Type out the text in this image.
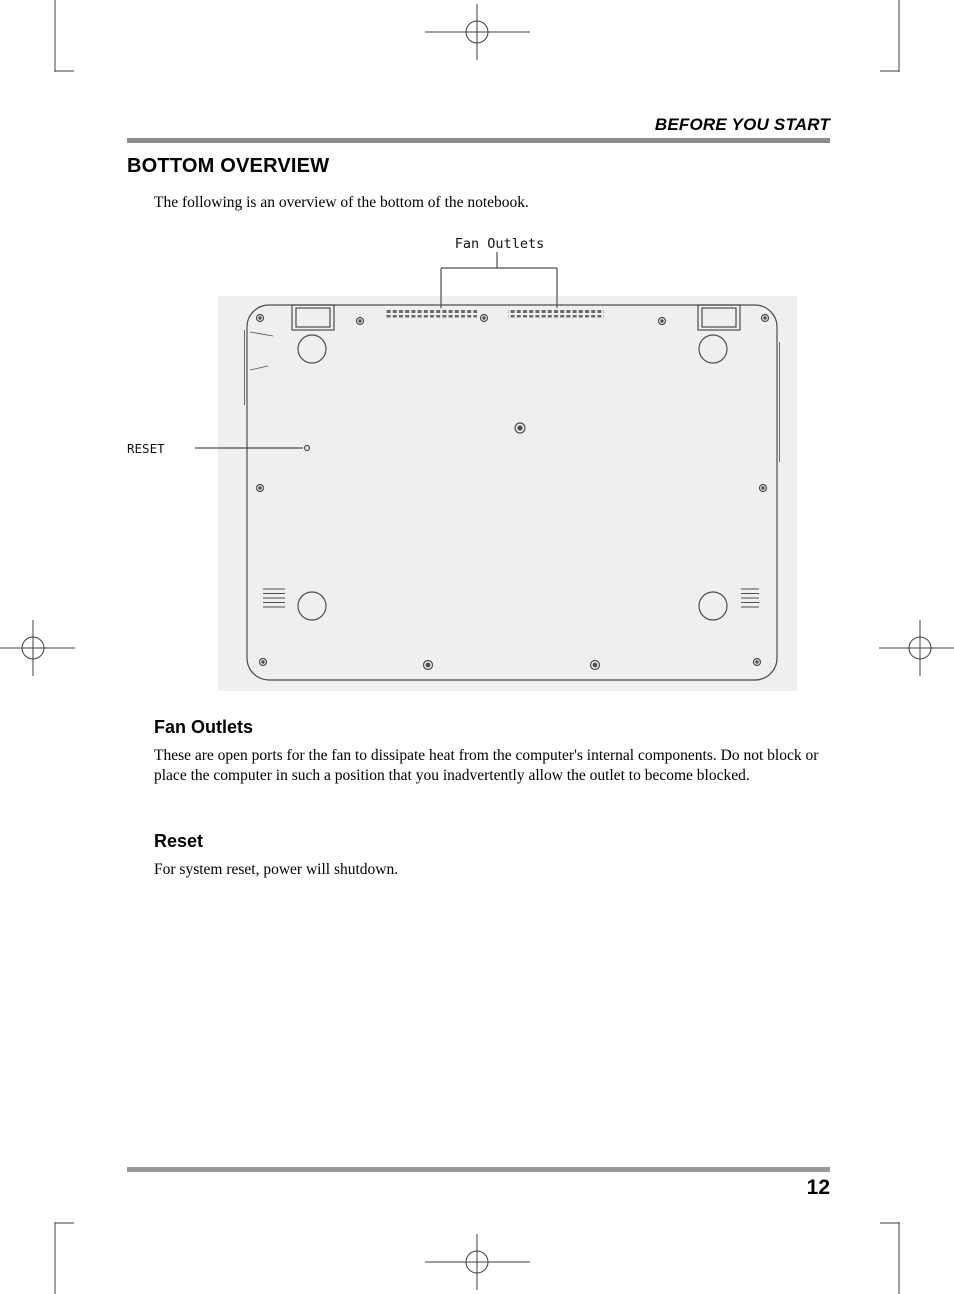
BEFORE YOU START
BOTTOM OVERVIEW
The following is an overview of the bottom of the notebook.
Fan Outlets
RESET
Fan Outlets
These are open ports for the fan to dissipate heat from the computer's internal components. Do not block or place the computer in such a position that you inadvertently allow the outlet to become blocked.
Reset
For system reset, power will shutdown.
12
